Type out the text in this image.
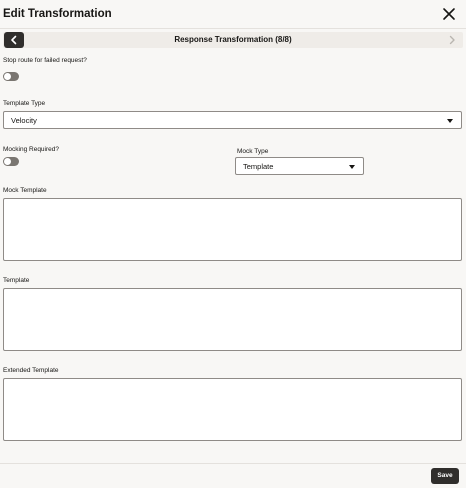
Edit Transformation
Response Transformation (8/8)
Stop route for failed request?
Template Type
Velocity
Mocking Required?	Mock Type
Template
Mock Template
Template
Extended Template
Save
